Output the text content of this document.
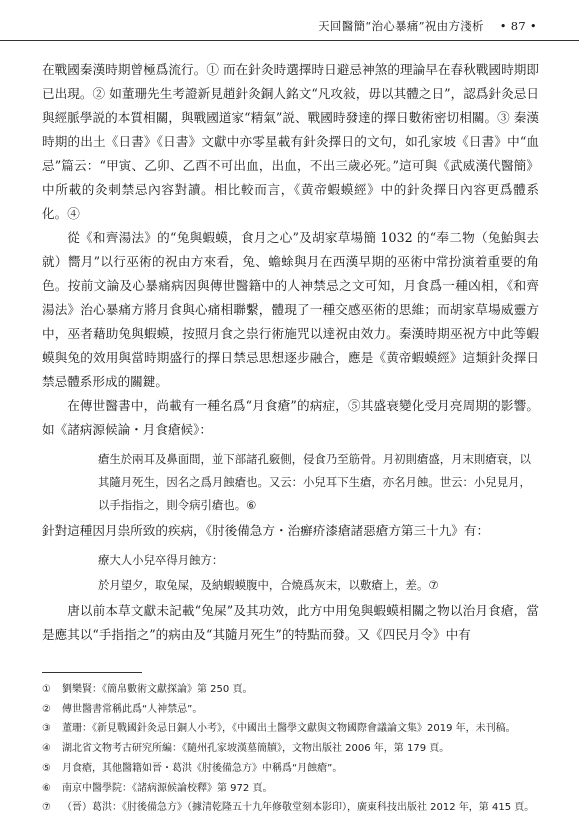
天回醫簡“治心暴痛”祝由方淺析 • 87 •

在戰國秦漢時期曾極爲流行。① 而在針灸時選擇時日避忌神煞的理論早在春秋戰國時期即已出現。② 如董珊先生考證新見趙針灸銅人銘文“凡攻敍，毋以其體之日”，認爲針灸忌日與經脈學説的本質相關，與戰國道家“精氣”説、戰國時發達的擇日數術密切相關。③ 秦漢時期的出土《日書》《日書》文獻中亦零星載有針灸擇日的文句，如孔家坡《日書》中“血忌”篇云：“甲寅、乙卯、乙酉不可出血，出血，不出三歲必死。”這可與《武威漢代醫簡》中所載的灸刺禁忌內容對讀。相比較而言，《黄帝蝦蟆經》中的針灸擇日內容更爲體系化。④

從《和齊湯法》的“兔與蝦蟆，食月之心”及胡家草場簡 1032 的“奉二物（兔鮐與去就）嚮月”以行巫術的祝由方來看，兔、蟾蜍與月在西漢早期的巫術中常扮演着重要的角色。按前文論及心暴痛病因與傳世醫籍中的人神禁忌之文可知，月食爲一種凶相，《和齊湯法》治心暴痛方將月食與心痛相聯繫，體現了一種交感巫術的思維；而胡家草場威靈方中，巫者藉助兔與蝦蟆，按照月食之祟行術施咒以達祝由效力。秦漢時期巫祝方中此等蝦蟆與兔的效用與當時期盛行的擇日禁忌思想逐步融合，應是《黄帝蝦蟆經》這類針灸擇日禁忌體系形成的關鍵。

在傳世醫書中，尚載有一種名爲“月食瘡”的病症，⑤其盛衰變化受月亮周期的影響。如《諸病源候論・月食瘡候》：

瘡生於兩耳及鼻面間，並下部諸孔竅側，侵食乃至筋骨。月初則瘡盛，月末則瘡衰，以其隨月死生，因名之爲月蝕瘡也。又云：小兒耳下生瘡，亦名月蝕。世云：小兒見月，以手指指之，則令病引瘡也。⑥

針對這種因月祟所致的疾病，《肘後備急方・治癬疥漆瘡諸惡瘡方第三十九》有：

療大人小兒卒得月蝕方：
於月望夕，取兔屎，及納蝦蟆腹中，合燒爲灰末，以敷瘡上，差。⑦

唐以前本草文獻未記載“兔屎”及其功效，此方中用兔與蝦蟆相關之物以治月食瘡，當是應其以“手指指之”的病由及“其隨月死生”的特點而發。又《四民月令》中有

①	劉樂賢：《簡帛數術文獻探論》第 250 頁。
②	傳世醫書常稱此爲“人神禁忌”。
③	董珊：《新見戰國針灸忌日銅人小考》，《中國出土醫學文獻與文物國際會議論文集》2019 年，未刊稿。
④	湖北省文物考古研究所編：《隨州孔家坡漢墓簡牘》，文物出版社 2006 年，第 179 頁。
⑤	月食瘡，其他醫籍如晉・葛洪《肘後備急方》中稱爲“月蝕瘡”。
⑥	南京中醫學院：《諸病源候論校釋》第 972 頁。
⑦	（晉）葛洪：《肘後備急方》（據清乾隆五十九年修敬堂刻本影印），廣東科技出版社 2012 年，第 415 頁。
